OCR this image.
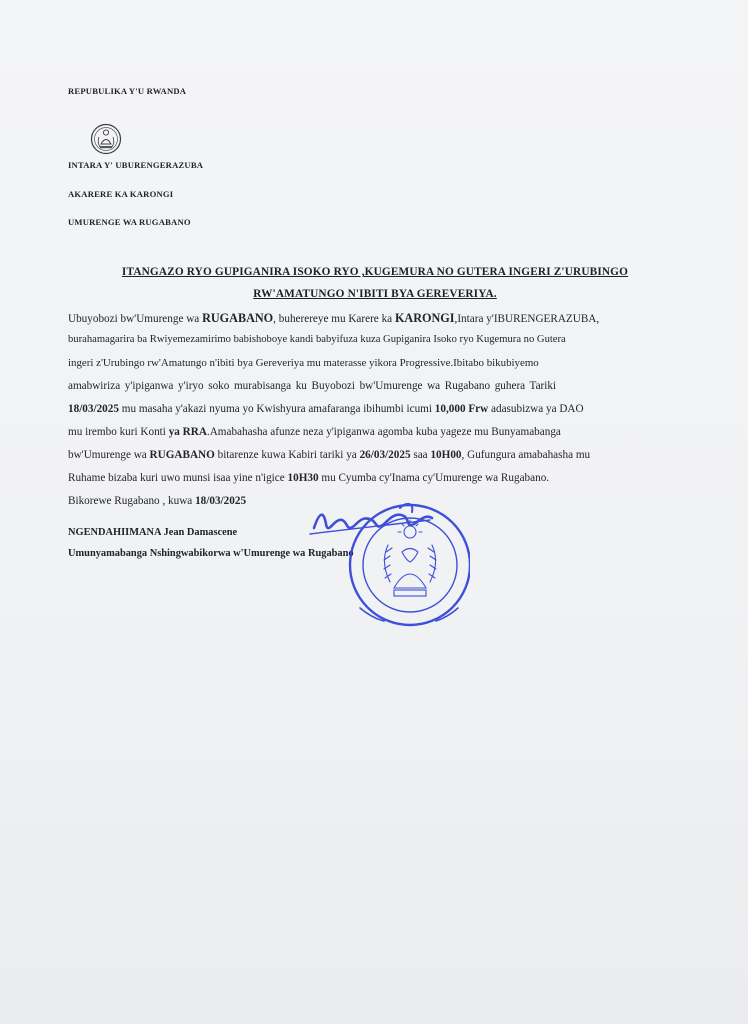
REPUBULIKA Y'U RWANDA
INTARA Y' UBURENGERAZUBA
AKARERE KA KARONGI
UMURENGE WA RUGABANO
ITANGAZO RYO GUPIGANIRA ISOKO RYO ,KUGEMURA NO GUTERA INGERI Z'URUBINGO
RW'AMATUNGO N'IBITI BYA GEREVERIYA.
Ubuyobozi bw'Umurenge wa RUGABANO, buherereye mu Karere ka KARONGI,Intara y'IBURENGERAZUBA,
burahamagarira ba Rwiyemezamirimo babishoboye kandi babyifuza kuza Gupiganira Isoko ryo Kugemura no Gutera
ingeri z'Urubingo rw'Amatungo n'ibiti bya Gereveriya mu materasse yikora Progressive.Ibitabo bikubiyemo
amabwiriza y'ipiganwa y'iryo soko murabisanga ku Buyobozi bw'Umurenge wa Rugabano guhera Tariki
18/03/2025 mu masaha y'akazi nyuma yo Kwishyura amafaranga ibihumbi icumi 10,000 Frw adasubizwa ya DAO
mu irembo kuri Konti ya RRA.Amabahasha afunze neza y'ipiganwa agomba kuba yageze mu Bunyamabanga
bw'Umurenge wa RUGABANO bitarenze kuwa Kabiri tariki ya 26/03/2025 saa 10H00, Gufungura amabahasha mu
Ruhame bizaba kuri uwo munsi isaa yine n'igice 10H30 mu Cyumba cy'Inama cy'Umurenge wa Rugabano.
Bikorewe Rugabano , kuwa 18/03/2025
NGENDAHIIMANA Jean Damascene
Umunyamabanga Nshingwabikorwa w'Umurenge wa Rugabano
